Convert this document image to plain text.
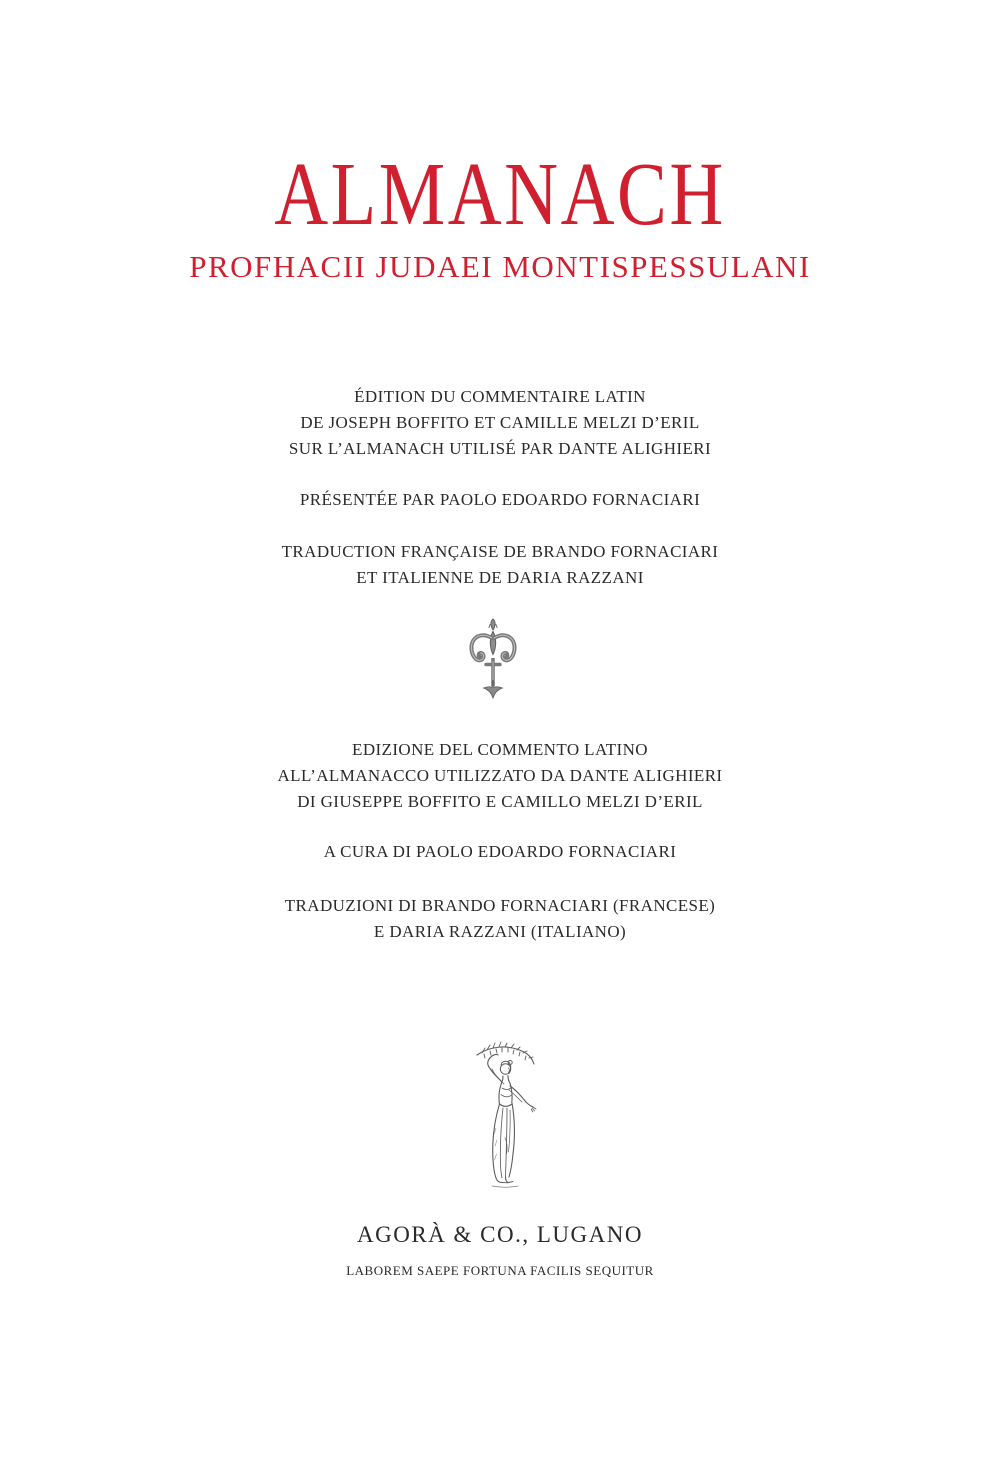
ALMANACH
PROFHACII JUDAEI MONTISPESSULANI
ÉDITION DU COMMENTAIRE LATIN
DE JOSEPH BOFFITO ET CAMILLE MELZI D’ERIL
SUR L’ALMANACH UTILISÉ PAR DANTE ALIGHIERI
PRÉSENTÉE PAR PAOLO EDOARDO FORNACIARI
TRADUCTION FRANÇAISE DE BRANDO FORNACIARI
ET ITALIENNE DE DARIA RAZZANI
EDIZIONE DEL COMMENTO LATINO
ALL’ALMANACCO UTILIZZATO DA DANTE ALIGHIERI
DI GIUSEPPE BOFFITO E CAMILLO MELZI D’ERIL
A CURA DI PAOLO EDOARDO FORNACIARI
TRADUZIONI DI BRANDO FORNACIARI (FRANCESE)
E DARIA RAZZANI (ITALIANO)
AGORÀ & CO., LUGANO
LABOREM SAEPE FORTUNA FACILIS SEQUITUR
